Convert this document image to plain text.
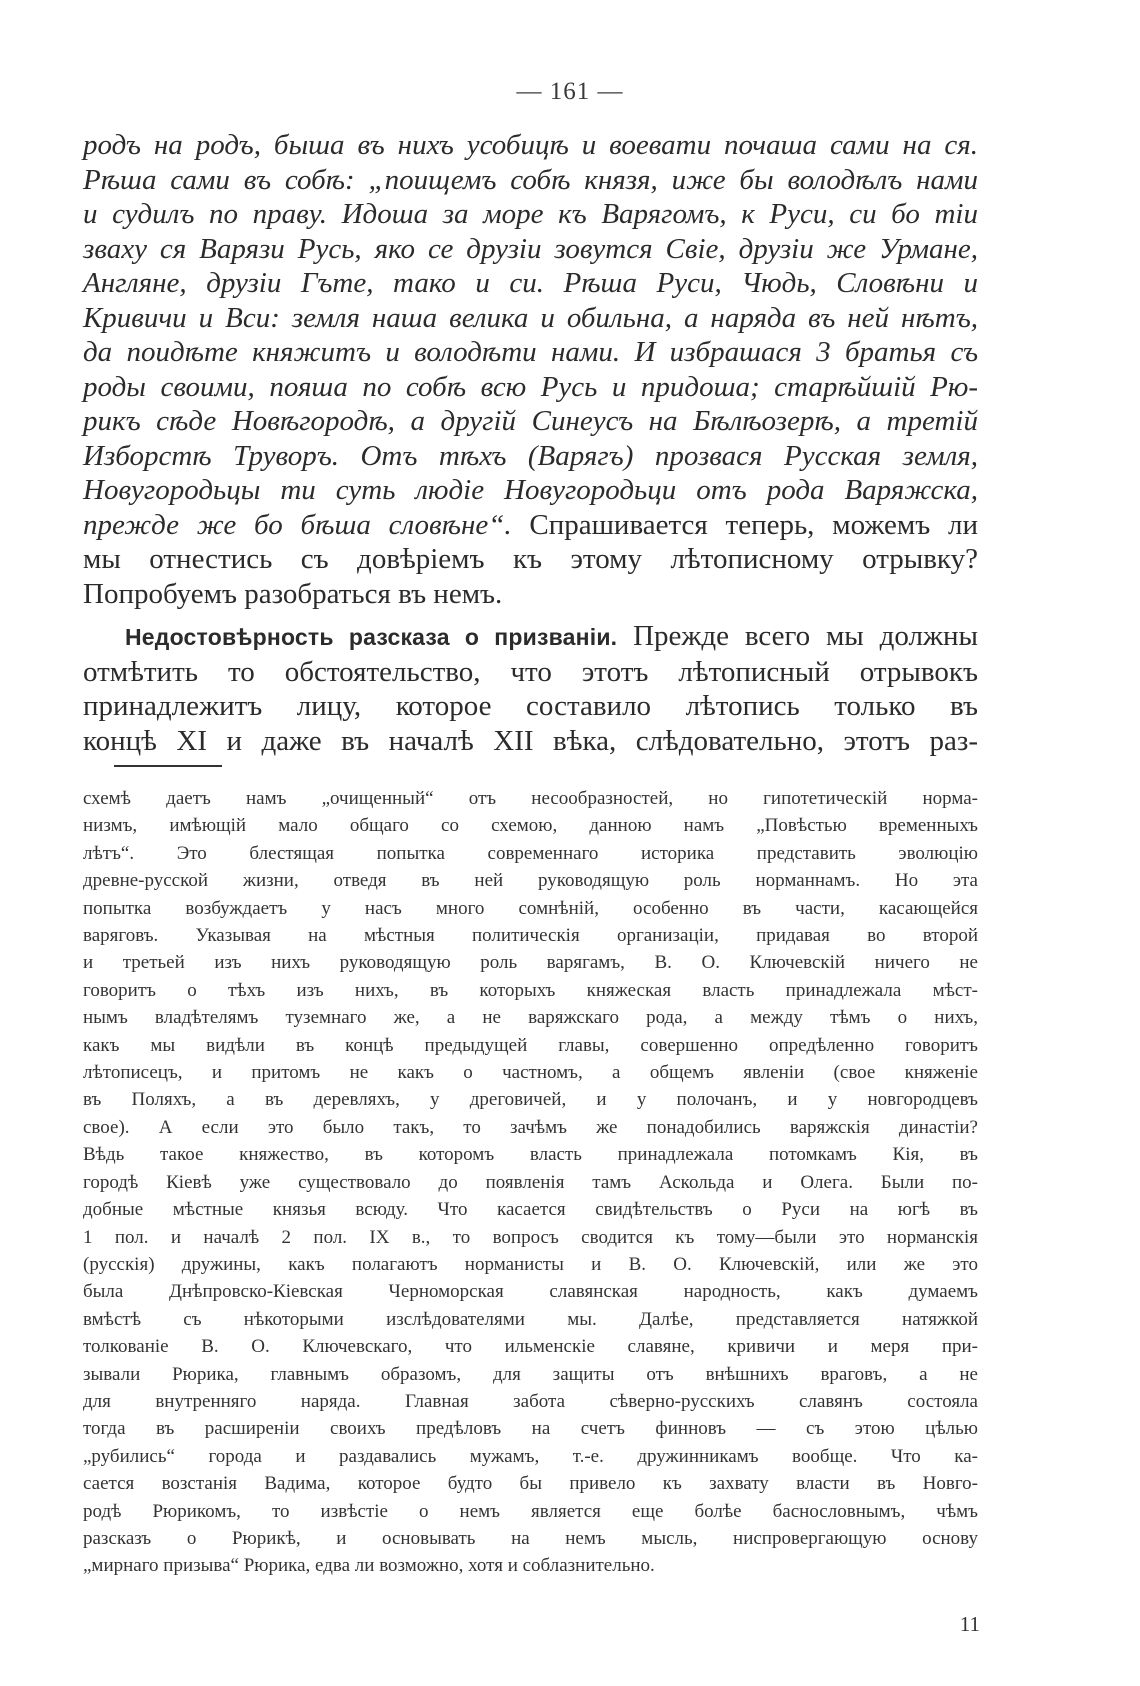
— 161 —
родъ на родъ, быша въ нихъ усобицѣ и воевати почаша сами на ся.
Рѣша сами въ собѣ: „поищемъ собѣ князя, иже бы володѣлъ нами
и судилъ по праву. Идоша за море къ Варягомъ, к Руси, си бо тiи
зваху ся Варязи Русь, яко се друзiи зовутся Свiе, друзiи же Урмане,
Англяне, друзiи Гъте, тако и си. Рѣша Руси, Чюдь, Словѣни и
Кривичи и Вси: земля наша велика и обильна, а наряда въ ней нѣтъ,
да поидѣте княжитъ и володѣти нами. И избрашася 3 братья съ
роды своими, пояша по собѣ всю Русь и придоша; старѣйшiй Рю-
рикъ сѣде Новѣгородѣ, а другiй Синеусъ на Бѣлѣозерѣ, а третiй
Изборстѣ Труворъ. Отъ тѣхъ (Варягъ) прозвася Русская земля,
Новугородьцы ти суть людiе Новугородьци отъ рода Варяжска,
прежде же бо бѣша словѣне“. Спрашивается теперь, можемъ ли
мы отнестись съ довѣрiемъ къ этому лѣтописному отрывку?
Попробуемъ разобраться въ немъ.
Недостовѣрность разсказа о призванiи. Прежде всего мы должны
отмѣтить то обстоятельство, что этотъ лѣтописный отрывокъ
принадлежитъ лицу, которое составило лѣтопись только въ
концѣ XI и даже въ началѣ XII вѣка, слѣдовательно, этотъ раз-
схемѣ даетъ намъ „очищенный“ отъ несообразностей, но гипотетическiй норма-
низмъ, имѣющiй мало общаго со схемою, данною намъ „Повѣстью временныхъ
лѣтъ“. Это блестящая попытка современнаго историка представить эволюцiю
древне-русской жизни, отведя въ ней руководящую роль норманнамъ. Но эта
попытка возбуждаетъ у насъ много сомнѣнiй, особенно въ части, касающейся
варяговъ. Указывая на мѣстныя политическiя организацiи, придавая во второй
и третьей изъ нихъ руководящую роль варягамъ, В. О. Ключевскiй ничего не
говоритъ о тѣхъ изъ нихъ, въ которыхъ княжеская власть принадлежала мѣст-
нымъ владѣтелямъ туземнаго же, а не варяжскаго рода, а между тѣмъ о нихъ,
какъ мы видѣли въ концѣ предыдущей главы, совершенно опредѣленно говоритъ
лѣтописецъ, и притомъ не какъ о частномъ, а общемъ явленiи (свое княженiе
въ Поляхъ, а въ деревляхъ, у дреговичей, и у полочанъ, и у новгородцевъ
свое). А если это было такъ, то зачѣмъ же понадобились варяжскiя династiи?
Вѣдь такое княжество, въ которомъ власть принадлежала потомкамъ Кiя, въ
городѣ Кiевѣ уже существовало до появленiя тамъ Аскольда и Олега. Были по-
добные мѣстные князья всюду. Что касается свидѣтельствъ о Руси на югѣ въ
1 пол. и началѣ 2 пол. IX в., то вопросъ сводится къ тому—были это норманскiя
(русскiя) дружины, какъ полагаютъ норманисты и В. О. Ключевскiй, или же это
была Днѣпровско-Кiевская Черноморская славянская народность, какъ думаемъ
вмѣстѣ съ нѣкоторыми изслѣдователями мы. Далѣе, представляется натяжкой
толкованiе В. О. Ключевскаго, что ильменскiе славяне, кривичи и меря при-
зывали Рюрика, главнымъ образомъ, для защиты отъ внѣшнихъ враговъ, а не
для внутренняго наряда. Главная забота сѣверно-русскихъ славянъ состояла
тогда въ расширенiи своихъ предѣловъ на счетъ финновъ — съ этою цѣлью
„рубились“ города и раздавались мужамъ, т.-е. дружинникамъ вообще. Что ка-
сается возстанiя Вадима, которое будто бы привело къ захвату власти въ Новго-
родѣ Рюрикомъ, то извѣстiе о немъ является еще болѣе баснословнымъ, чѣмъ
разсказъ о Рюрикѣ, и основывать на немъ мысль, ниспровергающую основу
„мирнаго призыва“ Рюрика, едва ли возможно, хотя и соблазнительно.
11
